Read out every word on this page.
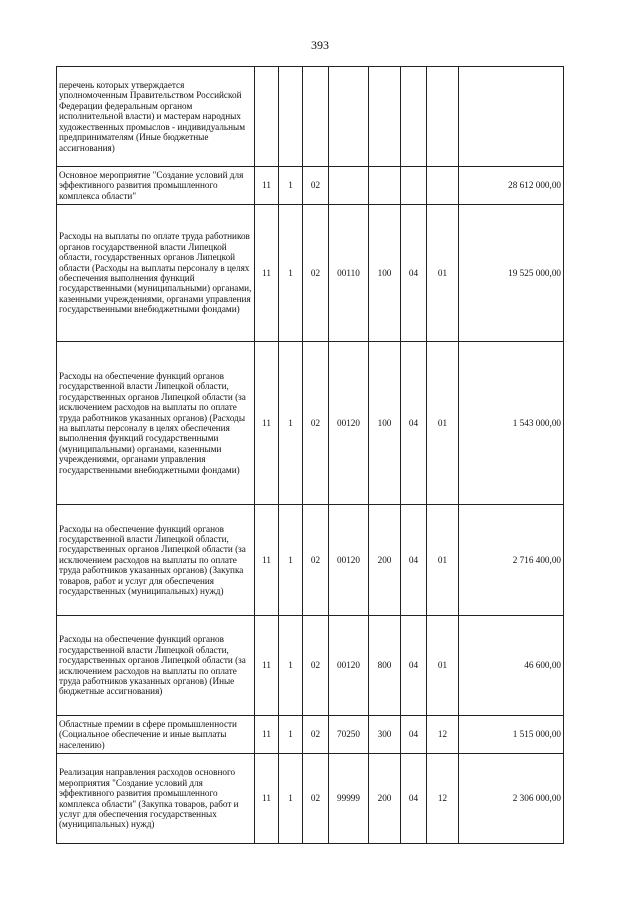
393
перечень которых утверждается уполномоченным Правительством Российской Федерации федеральным органом исполнительной власти) и мастерам народных художественных промыслов - индивидуальным предпринимателям (Иные бюджетные ассигнования)								
Основное мероприятие "Создание условий для эффективного развития промышленного комплекса области"	11	1	02					28 612 000,00
Расходы на выплаты по оплате труда работников органов государственной власти Липецкой области, государственных органов Липецкой области (Расходы на выплаты персоналу в целях обеспечения выполнения функций государственными (муниципальными) органами, казенными учреждениями, органами управления государственными внебюджетными фондами)	11	1	02	00110	100	04	01	19 525 000,00
Расходы на обеспечение функций органов государственной власти Липецкой области, государственных органов Липецкой области (за исключением расходов на выплаты по оплате труда работников указанных органов) (Расходы на выплаты персоналу в целях обеспечения выполнения функций государственными (муниципальными) органами, казенными учреждениями, органами управления государственными внебюджетными фондами)	11	1	02	00120	100	04	01	1 543 000,00
Расходы на обеспечение функций органов государственной власти Липецкой области, государственных органов Липецкой области (за исключением расходов на выплаты по оплате труда работников указанных органов) (Закупка товаров, работ и услуг для обеспечения государственных (муниципальных) нужд)	11	1	02	00120	200	04	01	2 716 400,00
Расходы на обеспечение функций органов государственной власти Липецкой области, государственных органов Липецкой области (за исключением расходов на выплаты по оплате труда работников указанных органов) (Иные бюджетные ассигнования)	11	1	02	00120	800	04	01	46 600,00
Областные премии в сфере промышленности (Социальное обеспечение и иные выплаты населению)	11	1	02	70250	300	04	12	1 515 000,00
Реализация направления расходов основного мероприятия "Создание условий для эффективного развития промышленного комплекса области" (Закупка товаров, работ и услуг для обеспечения государственных (муниципальных) нужд)	11	1	02	99999	200	04	12	2 306 000,00
